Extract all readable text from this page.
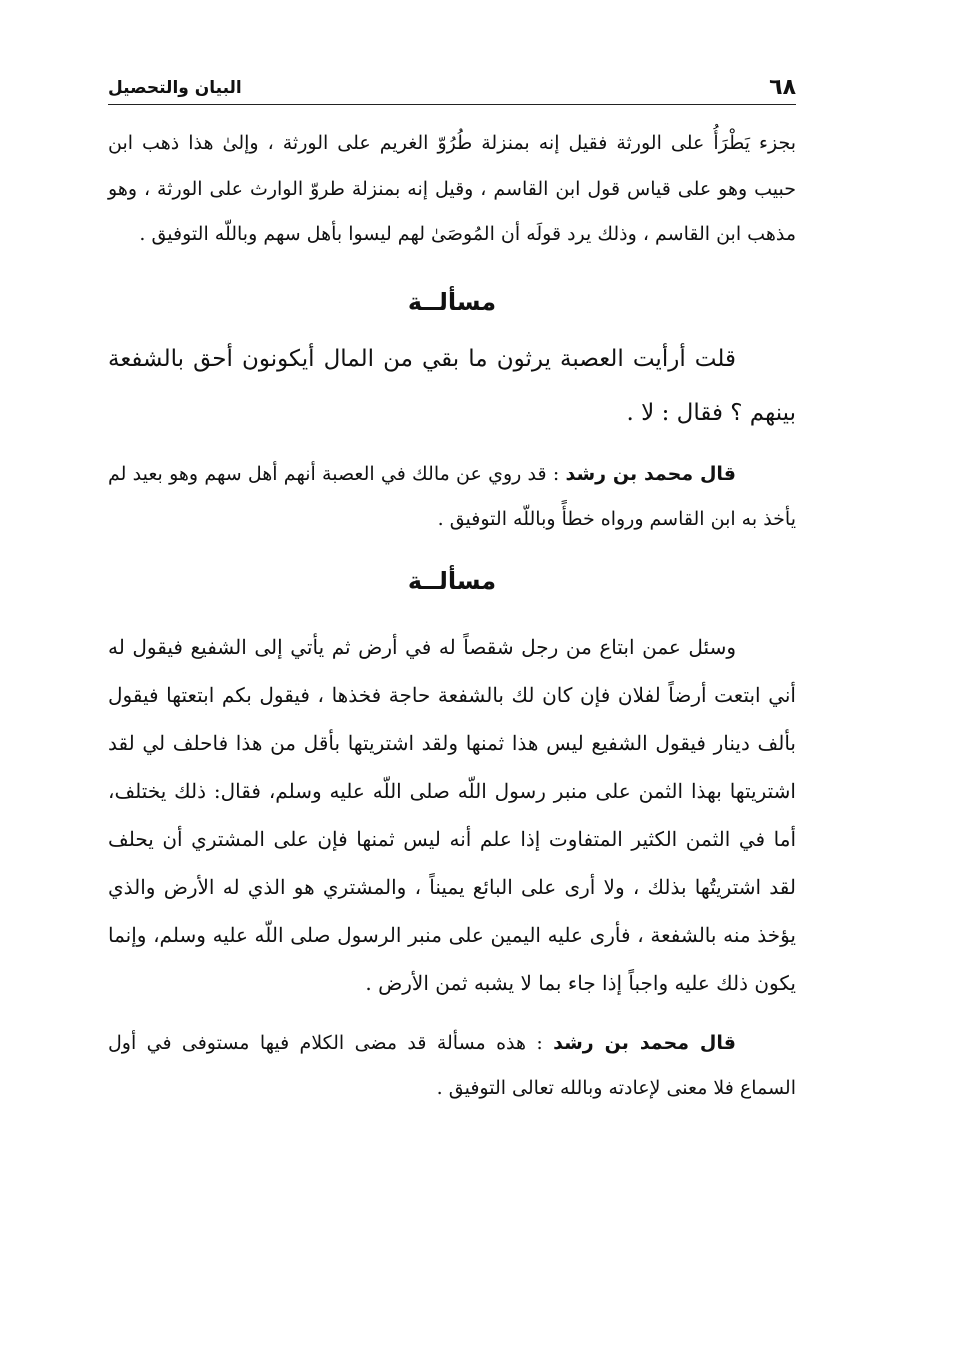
٦٨
البيان والتحصيل

بجزء يَطْرَأُ على الورثة فقيل إنه بمنزلة طُرُوّ الغريم على الورثة ، وإلىٰ هذا ذهب ابن حبيب وهو على قياس قول ابن القاسم ، وقيل إنه بمنزلة طروّ الوارث على الورثة ، وهو مذهب ابن القاسم ، وذلك يرد قولَه أن المُوصَىٰ لهم ليسوا بأهل سهم وباللّه التوفيق .

مسألــة

قلت أرأيت العصبة يرثون ما بقي من المال أيكونون أحق بالشفعة بينهم ؟ فقال : لا .

قال محمد بن رشد : قد روي عن مالك في العصبة أنهم أهل سهم وهو بعيد لم يأخذ به ابن القاسم ورواه خطأً وباللّه التوفيق .

مسألــة

وسئل عمن ابتاع من رجل شقصاً له في أرض ثم يأتي إلى الشفيع فيقول له أني ابتعت أرضاً لفلان فإن كان لك بالشفعة حاجة فخذها ، فيقول بكم ابتعتها فيقول بألف دينار فيقول الشفيع ليس هذا ثمنها ولقد اشتريتها بأقل من هذا فاحلف لي لقد اشتريتها بهذا الثمن على منبر رسول اللّه صلى اللّه عليه وسلم، فقال: ذلك يختلف، أما في الثمن الكثير المتفاوت إذا علم أنه ليس ثمنها فإن على المشتري أن يحلف لقد اشتريتُها بذلك ، ولا أرى على البائع يميناً ، والمشتري هو الذي له الأرض والذي يؤخذ منه بالشفعة ، فأرى عليه اليمين على منبر الرسول صلى اللّه عليه وسلم، وإنما يكون ذلك عليه واجباً إذا جاء بما لا يشبه ثمن الأرض .

قال محمد بن رشد : هذه مسألة قد مضى الكلام فيها مستوفى في أول السماع فلا معنى لإعادته وبالله تعالى التوفيق .
